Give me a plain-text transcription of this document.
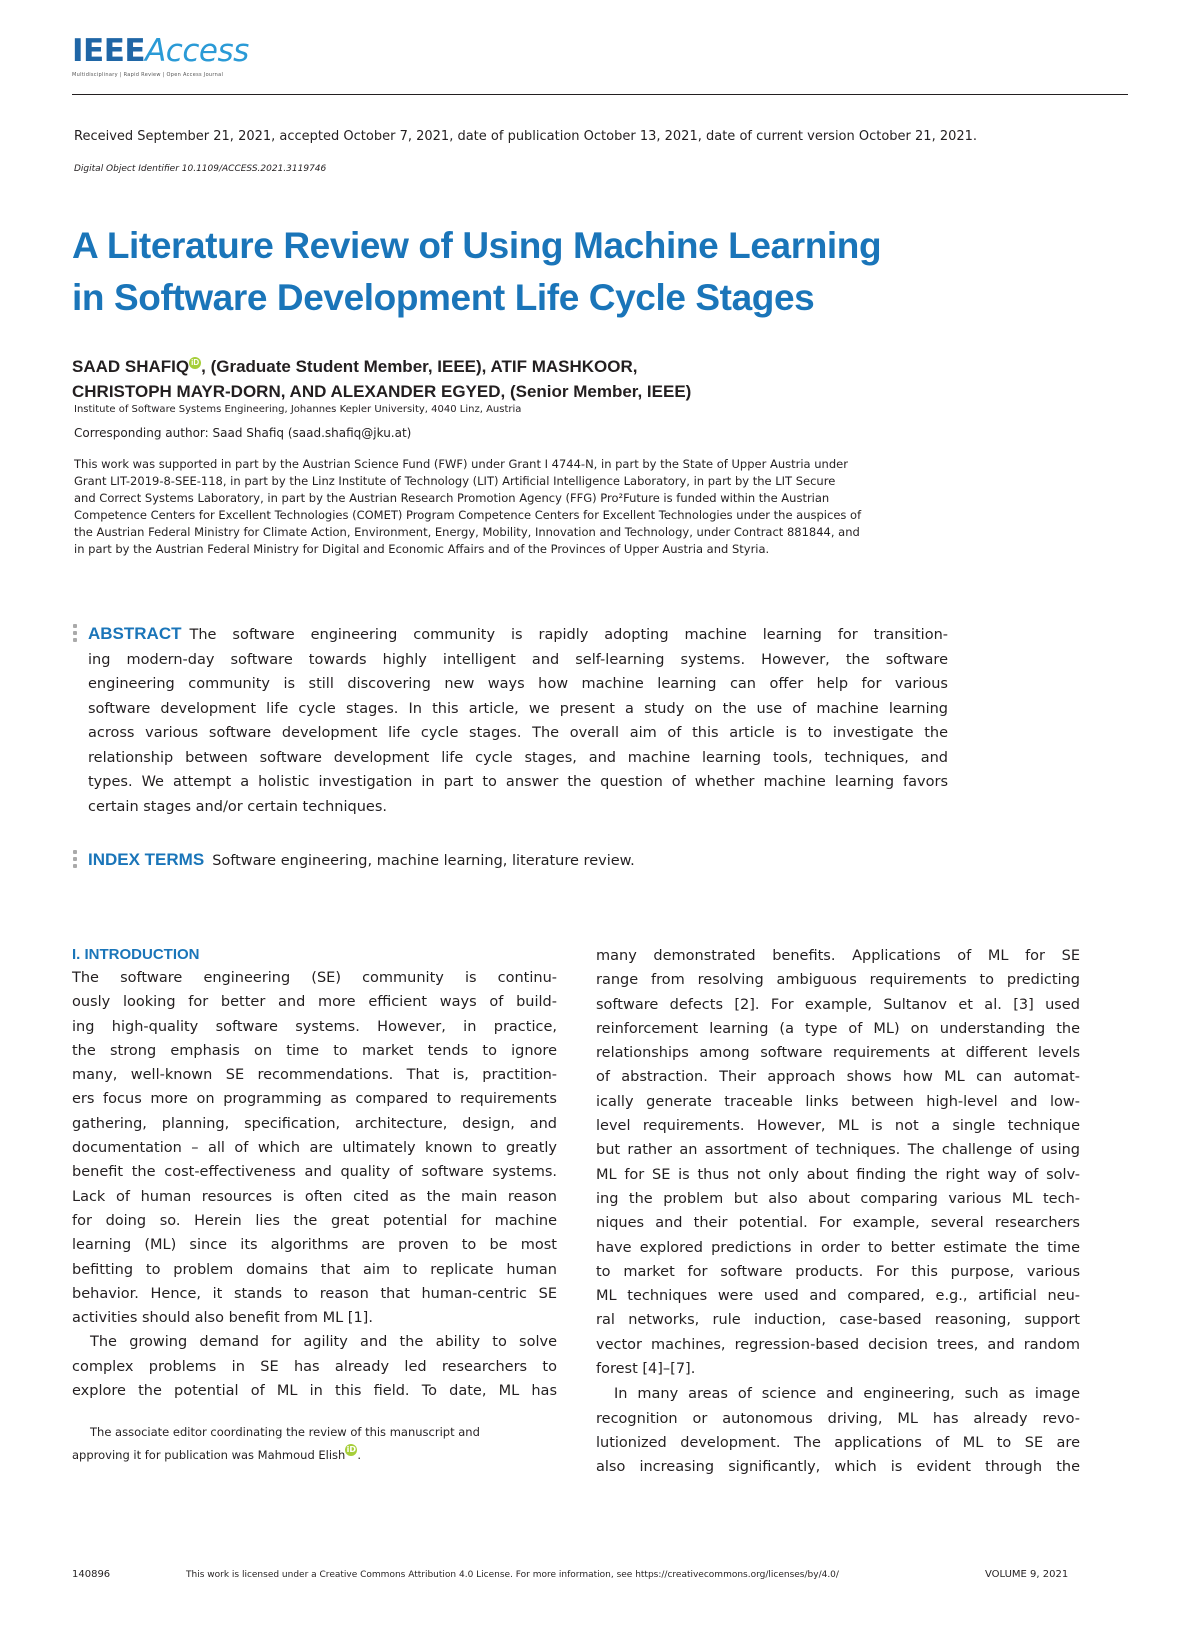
IEEEAccess
Multidisciplinary | Rapid Review | Open Access Journal
Received September 21, 2021, accepted October 7, 2021, date of publication October 13, 2021, date of current version October 21, 2021.
Digital Object Identifier 10.1109/ACCESS.2021.3119746
A Literature Review of Using Machine Learning
in Software Development Life Cycle Stages
SAAD SHAFIQ iD , (Graduate Student Member, IEEE), ATIF MASHKOOR,
CHRISTOPH MAYR-DORN, AND ALEXANDER EGYED, (Senior Member, IEEE)
Institute of Software Systems Engineering, Johannes Kepler University, 4040 Linz, Austria
Corresponding author: Saad Shafiq (saad.shafiq@jku.at)
This work was supported in part by the Austrian Science Fund (FWF) under Grant I 4744-N, in part by the State of Upper Austria under
Grant LIT-2019-8-SEE-118, in part by the Linz Institute of Technology (LIT) Artificial Intelligence Laboratory, in part by the LIT Secure
and Correct Systems Laboratory, in part by the Austrian Research Promotion Agency (FFG) Pro²Future is funded within the Austrian
Competence Centers for Excellent Technologies (COMET) Program Competence Centers for Excellent Technologies under the auspices of
the Austrian Federal Ministry for Climate Action, Environment, Energy, Mobility, Innovation and Technology, under Contract 881844, and
in part by the Austrian Federal Ministry for Digital and Economic Affairs and of the Provinces of Upper Austria and Styria.
ABSTRACT The software engineering community is rapidly adopting machine learning for transition-
ing modern-day software towards highly intelligent and self-learning systems. However, the software
engineering community is still discovering new ways how machine learning can offer help for various
software development life cycle stages. In this article, we present a study on the use of machine learning
across various software development life cycle stages. The overall aim of this article is to investigate the
relationship between software development life cycle stages, and machine learning tools, techniques, and
types. We attempt a holistic investigation in part to answer the question of whether machine learning favors
certain stages and/or certain techniques.
INDEX TERMS Software engineering, machine learning, literature review.
I. INTRODUCTION
The software engineering (SE) community is continu-
ously looking for better and more efficient ways of build-
ing high-quality software systems. However, in practice,
the strong emphasis on time to market tends to ignore
many, well-known SE recommendations. That is, practition-
ers focus more on programming as compared to requirements
gathering, planning, specification, architecture, design, and
documentation – all of which are ultimately known to greatly
benefit the cost-effectiveness and quality of software systems.
Lack of human resources is often cited as the main reason
for doing so. Herein lies the great potential for machine
learning (ML) since its algorithms are proven to be most
befitting to problem domains that aim to replicate human
behavior. Hence, it stands to reason that human-centric SE
activities should also benefit from ML [1].
The growing demand for agility and the ability to solve
complex problems in SE has already led researchers to
explore the potential of ML in this field. To date, ML has
many demonstrated benefits. Applications of ML for SE
range from resolving ambiguous requirements to predicting
software defects [2]. For example, Sultanov et al. [3] used
reinforcement learning (a type of ML) on understanding the
relationships among software requirements at different levels
of abstraction. Their approach shows how ML can automat-
ically generate traceable links between high-level and low-
level requirements. However, ML is not a single technique
but rather an assortment of techniques. The challenge of using
ML for SE is thus not only about finding the right way of solv-
ing the problem but also about comparing various ML tech-
niques and their potential. For example, several researchers
have explored predictions in order to better estimate the time
to market for software products. For this purpose, various
ML techniques were used and compared, e.g., artificial neu-
ral networks, rule induction, case-based reasoning, support
vector machines, regression-based decision trees, and random
forest [4]–[7].
In many areas of science and engineering, such as image
recognition or autonomous driving, ML has already revo-
lutionized development. The applications of ML to SE are
also increasing significantly, which is evident through the
The associate editor coordinating the review of this manuscript and
approving it for publication was Mahmoud ElishiD.
140896	This work is licensed under a Creative Commons Attribution 4.0 License. For more information, see https://creativecommons.org/licenses/by/4.0/	VOLUME 9, 2021
